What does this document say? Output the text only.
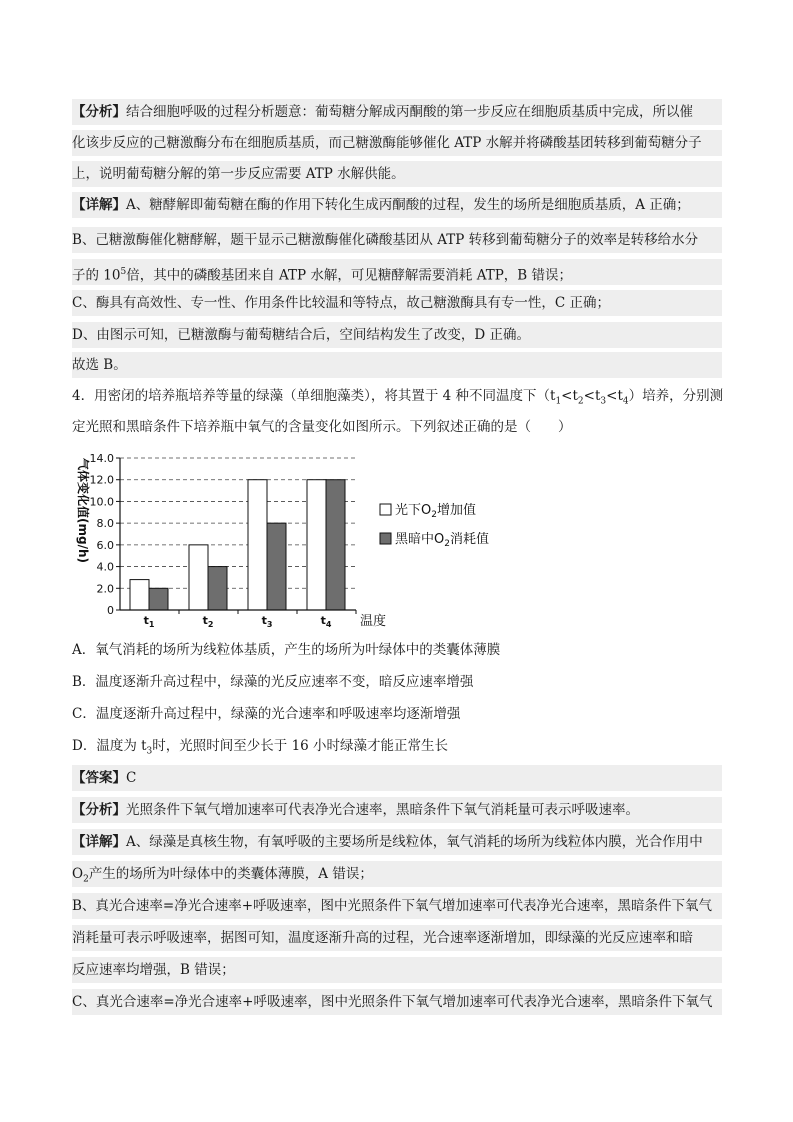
【分析】结合细胞呼吸的过程分析题意：葡萄糖分解成丙酮酸的第一步反应在细胞质基质中完成，所以催
化该步反应的己糖激酶分布在细胞质基质，而己糖激酶能够催化 ATP 水解并将磷酸基团转移到葡萄糖分子
上，说明葡萄糖分解的第一步反应需要 ATP 水解供能。
【详解】A、糖酵解即葡萄糖在酶的作用下转化生成丙酮酸的过程，发生的场所是细胞质基质，A 正确；
B、己糖激酶催化糖酵解，题干显示己糖激酶催化磷酸基团从 ATP 转移到葡萄糖分子的效率是转移给水分
子的 $10^5$倍，其中的磷酸基团来自 ATP 水解，可见糖酵解需要消耗 ATP，B 错误；
C、酶具有高效性、专一性、作用条件比较温和等特点，故己糖激酶具有专一性，C 正确；
D、由图示可知，已糖激酶与葡萄糖结合后，空间结构发生了改变，D 正确。
故选 B。
4．用密闭的培养瓶培养等量的绿藻（单细胞藻类），将其置于 4 种不同温度下$(t_1<t_2<t_3<t_4)$培养，分别测
定光照和黑暗条件下培养瓶中氧气的含量变化如图所示。下列叙述正确的是（　　）
0
2.0
4.0
6.0
8.0
10.0
12.0
14.0
$t_1$	$t_2$	$t_3$	$t_4$
气体变化值(mg/h)
温度
光下$O_2$增加值
黑暗中$O_2$消耗值
A．氧气消耗的场所为线粒体基质，产生的场所为叶绿体中的类囊体薄膜
B．温度逐渐升高过程中，绿藻的光反应速率不变，暗反应速率增强
C．温度逐渐升高过程中，绿藻的光合速率和呼吸速率均逐渐增强
D．温度为 $t_3$时，光照时间至少长于 16 小时绿藻才能正常生长
【答案】C
【分析】光照条件下氧气增加速率可代表净光合速率，黑暗条件下氧气消耗量可表示呼吸速率。
【详解】A、绿藻是真核生物，有氧呼吸的主要场所是线粒体，氧气消耗的场所为线粒体内膜，光合作用中
$O_2$产生的场所为叶绿体中的类囊体薄膜，A 错误；
B、真光合速率=净光合速率+呼吸速率，图中光照条件下氧气增加速率可代表净光合速率，黑暗条件下氧气
消耗量可表示呼吸速率，据图可知，温度逐渐升高的过程，光合速率逐渐增加，即绿藻的光反应速率和暗
反应速率均增强，B 错误；
C、真光合速率=净光合速率+呼吸速率，图中光照条件下氧气增加速率可代表净光合速率，黑暗条件下氧气
